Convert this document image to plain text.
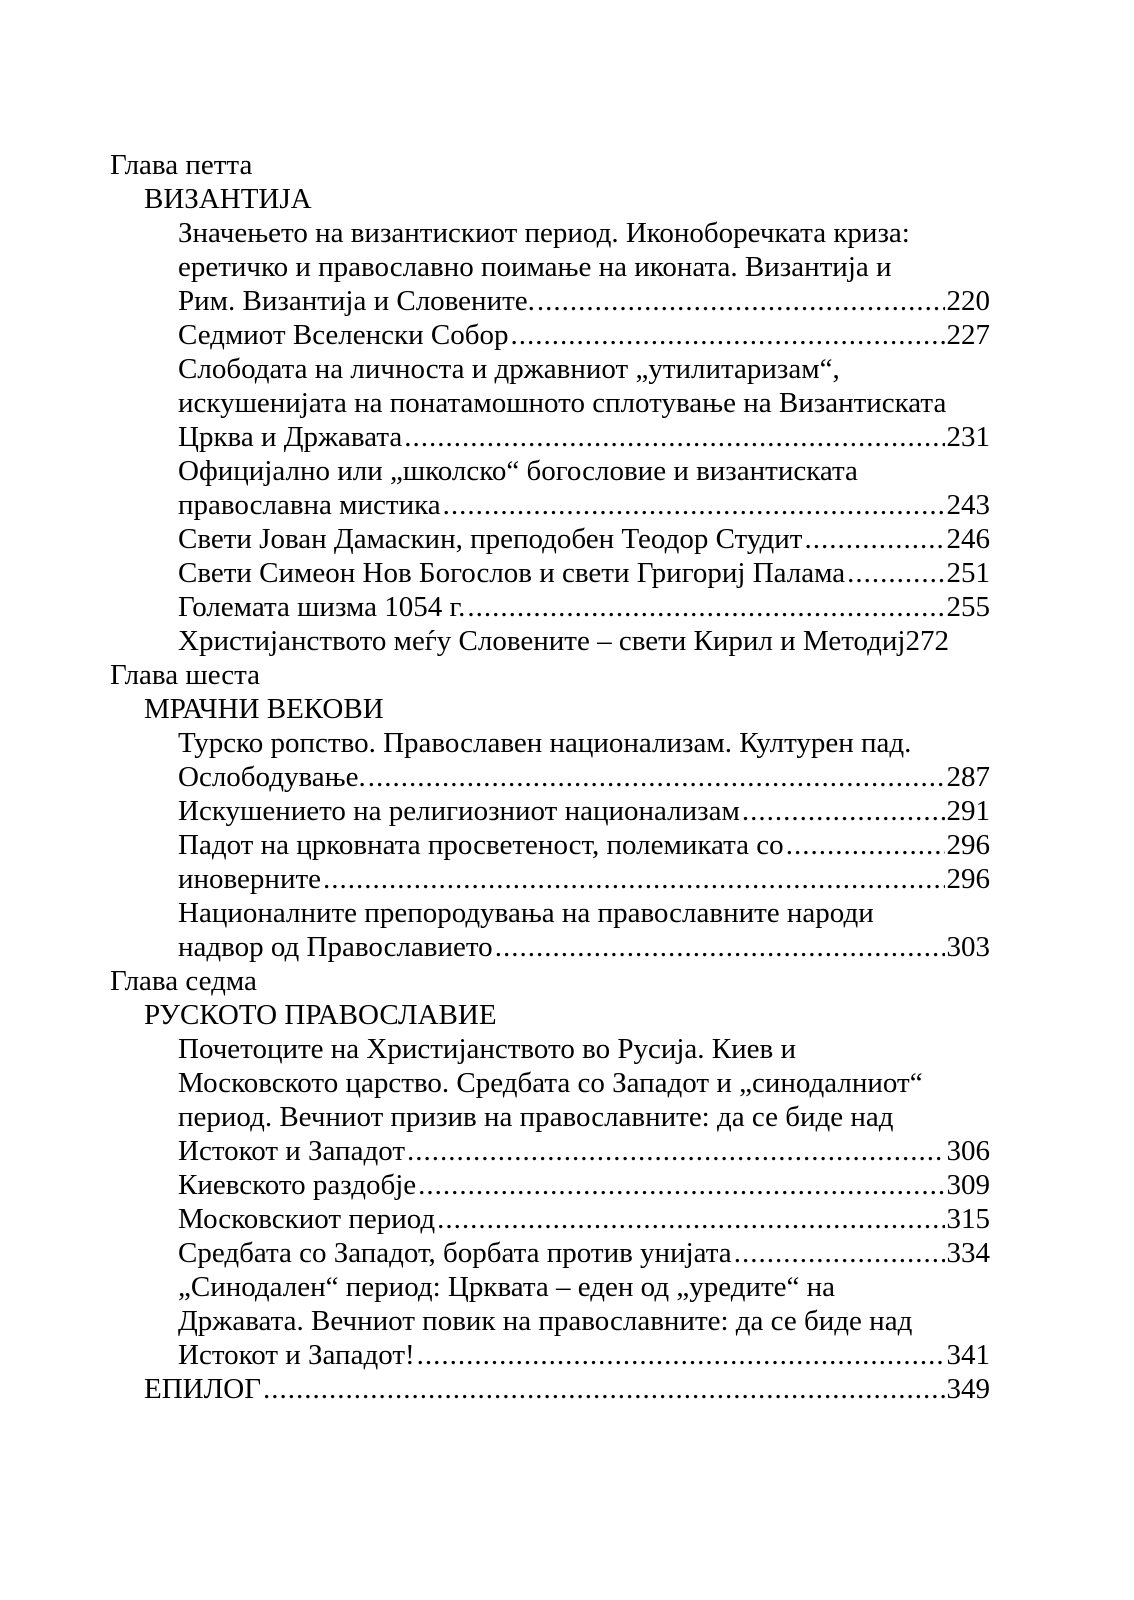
Глава петта
ВИЗАНТИЈА
Значењето на византискиот период. Иконоборечката криза:
еретичко и православно поимање на иконата. Византија и
Рим. Византија и Словените. .....	220
Седмиот Вселенски Собор .....	227
Слободата на личноста и државниот „утилитаризам“,
искушенијата на понатамошното сплотување на Византиската
Црква и Државата .....	231
Официјално или „школско“ богословие и византиската
православна мистика .....	243
Свети Јован Дамаскин, преподобен Теодор Студит .....	246
Свети Симеон Нов Богослов и свети Григориј Палама .....	251
Големата шизма 1054 г. .....	255
Христијанството меѓу Словените – свети Кирил и Методиј 272
Глава шеста
МРАЧНИ ВЕКОВИ
Турско ропство. Православен национализам. Културен пад.
Ослободување. .....	287
Искушението на религиозниот национализам .....	291
Падот на црковната просветеност, полемиката со .....	296
иноверните .....	296
Националните препородувања на православните народи
надвор од Православието .....	303
Глава седма
РУСКОТО ПРАВОСЛАВИЕ
Почетоците на Христијанството во Русија. Киев и
Московското царство. Средбата со Западот и „синодалниот“
период. Вечниот призив на православните: да се биде над
Истокот и Западот .....	306
Киевското раздобје .....	309
Московскиот период .....	315
Средбата со Западот, борбата против унијата .....	334
„Синодален“ период: Црквата – еден од „уредите“ на
Државата. Вечниот повик на православните: да се биде над
Истокот и Западот! .....	341
ЕПИЛОГ .....	349
